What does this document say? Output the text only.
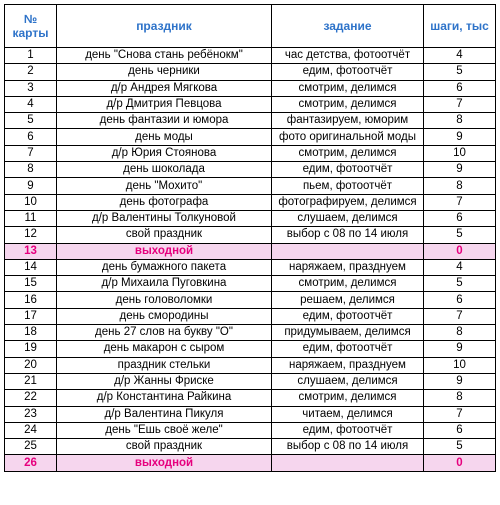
№
карты	праздник	задание	шаги, тыс
1	день "Снова стань ребёнокм"	час детства, фотоотчёт	4
2	день черники	едим, фотоотчёт	5
3	д/р Андрея Мягкова	смотрим, делимся	6
4	д/р Дмитрия Певцова	смотрим, делимся	7
5	день фантазии и юмора	фантазируем, юморим	8
6	день моды	фото оригинальной моды	9
7	д/р Юрия Стоянова	смотрим, делимся	10
8	день шоколада	едим, фотоотчёт	9
9	день "Мохито"	пьем, фотоотчёт	8
10	день фотографа	фотографируем, делимся	7
11	д/р Валентины Толкуновой	слушаем, делимся	6
12	свой праздник	выбор с 08 по 14 июля	5
13	выходной		0
14	день бумажного пакета	наряжаем, празднуем	4
15	д/р Михаила Пуговкина	смотрим, делимся	5
16	день головоломки	решаем, делимся	6
17	день смородины	едим, фотоотчёт	7
18	день 27 слов на букву "О"	придумываем, делимся	8
19	день макарон с сыром	едим, фотоотчёт	9
20	праздник стельки	наряжаем, празднуем	10
21	д/р Жанны Фриске	слушаем, делимся	9
22	д/р Константина Райкина	смотрим, делимся	8
23	д/р Валентина Пикуля	читаем, делимся	7
24	день "Ешь своё желе"	едим, фотоотчёт	6
25	свой праздник	выбор с 08 по 14 июля	5
26	выходной		0
